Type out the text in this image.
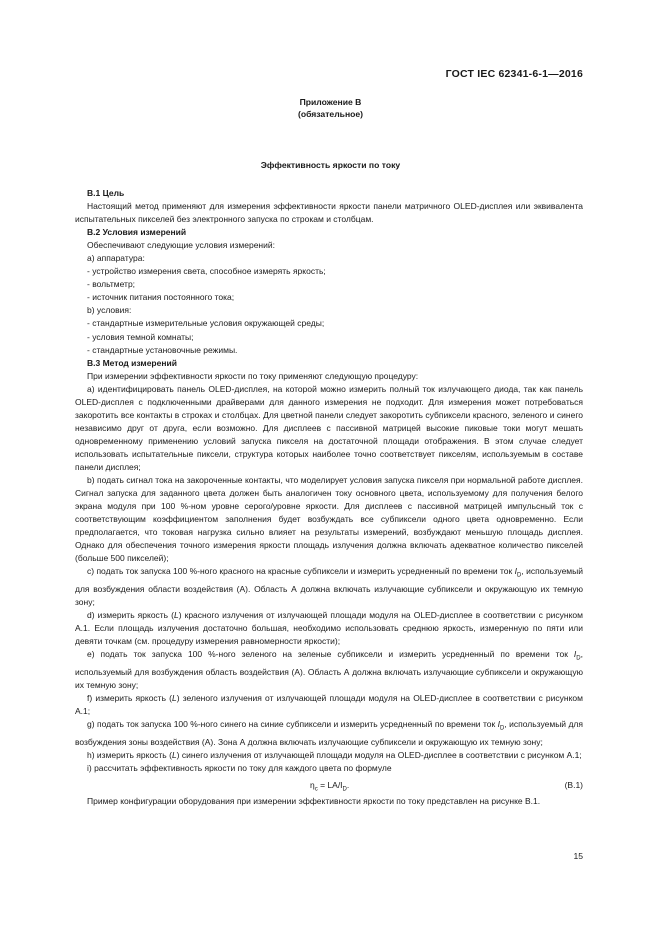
ГОСТ IEC 62341-6-1—2016
Приложение В
(обязательное)
Эффективность яркости по току

В.1 Цель

Настоящий метод применяют для измерения эффективности яркости панели матричного OLED-дисплея или эквивалента испытательных пикселей без электронного запуска по строкам и столбцам.

В.2 Условия измерений

Обеспечивают следующие условия измерений:

а) аппаратура:

- устройство измерения света, способное измерять яркость;

- вольтметр;

- источник питания постоянного тока;

b) условия:

- стандартные измерительные условия окружающей среды;

- условия темной комнаты;

- стандартные установочные режимы.

В.3 Метод измерений

При измерении эффективности яркости по току применяют следующую процедуру:

а) идентифицировать панель OLED-дисплея, на которой можно измерить полный ток излучающего диода, так как панель OLED-дисплея с подключенными драйверами для данного измерения не подходит. Для измерения может потребоваться закоротить все контакты в строках и столбцах. Для цветной панели следует закоротить субпиксели красного, зеленого и синего независимо друг от друга, если возможно. Для дисплеев с пассивной матрицей высокие пиковые токи могут мешать одновременному применению условий запуска пикселя на достаточной площади отображения. В этом случае следует использовать испытательные пиксели, структура которых наиболее точно соответствует пикселям, используемым в составе панели дисплея;

b) подать сигнал тока на закороченные контакты, что моделирует условия запуска пикселя при нормальной работе дисплея. Сигнал запуска для заданного цвета должен быть аналогичен току основного цвета, используемому для получения белого экрана модуля при 100 %-ном уровне серого/уровне яркости. Для дисплеев с пассивной матрицей импульсный ток с соответствующим коэффициентом заполнения будет возбуждать все субпиксели одного цвета одновременно. Если предполагается, что токовая нагрузка сильно влияет на результаты измерений, возбуждают меньшую площадь дисплея. Однако для обеспечения точного измерения яркости площадь излучения должна включать адекватное количество пикселей (больше 500 пикселей);

с) подать ток запуска 100 %-ного красного на красные субпиксели и измерить усредненный по времени ток $I_D$, используемый для возбуждения области воздействия (А). Область А должна включать излучающие субпиксели и окружающую их темную зону;

d) измерить яркость (L) красного излучения от излучающей площади модуля на OLED-дисплее в соответствии с рисунком А.1. Если площадь излучения достаточно большая, необходимо использовать среднюю яркость, измеренную по пяти или девяти точкам (см. процедуру измерения равномерности яркости);

е) подать ток запуска 100 %-ного зеленого на зеленые субпиксели и измерить усредненный по времени ток $I_D$, используемый для возбуждения область воздействия (А). Область А должна включать излучающие субпиксели и окружающую их темную зону;

f) измерить яркость (L) зеленого излучения от излучающей площади модуля на OLED-дисплее в соответствии с рисунком А.1;

g) подать ток запуска 100 %-ного синего на синие субпиксели и измерить усредненный по времени ток $I_D$, используемый для возбуждения зоны воздействия (А). Зона А должна включать излучающие субпиксели и окружающую их темную зону;

h) измерить яркость (L) синего излучения от излучающей площади модуля на OLED-дисплее в соответствии с рисунком А.1;

i) рассчитать эффективность яркости по току для каждого цвета по формуле

$\eta_c = LA/I_D$.	(В.1)

Пример конфигурации оборудования при измерении эффективности яркости по току представлен на рисунке В.1.

15
